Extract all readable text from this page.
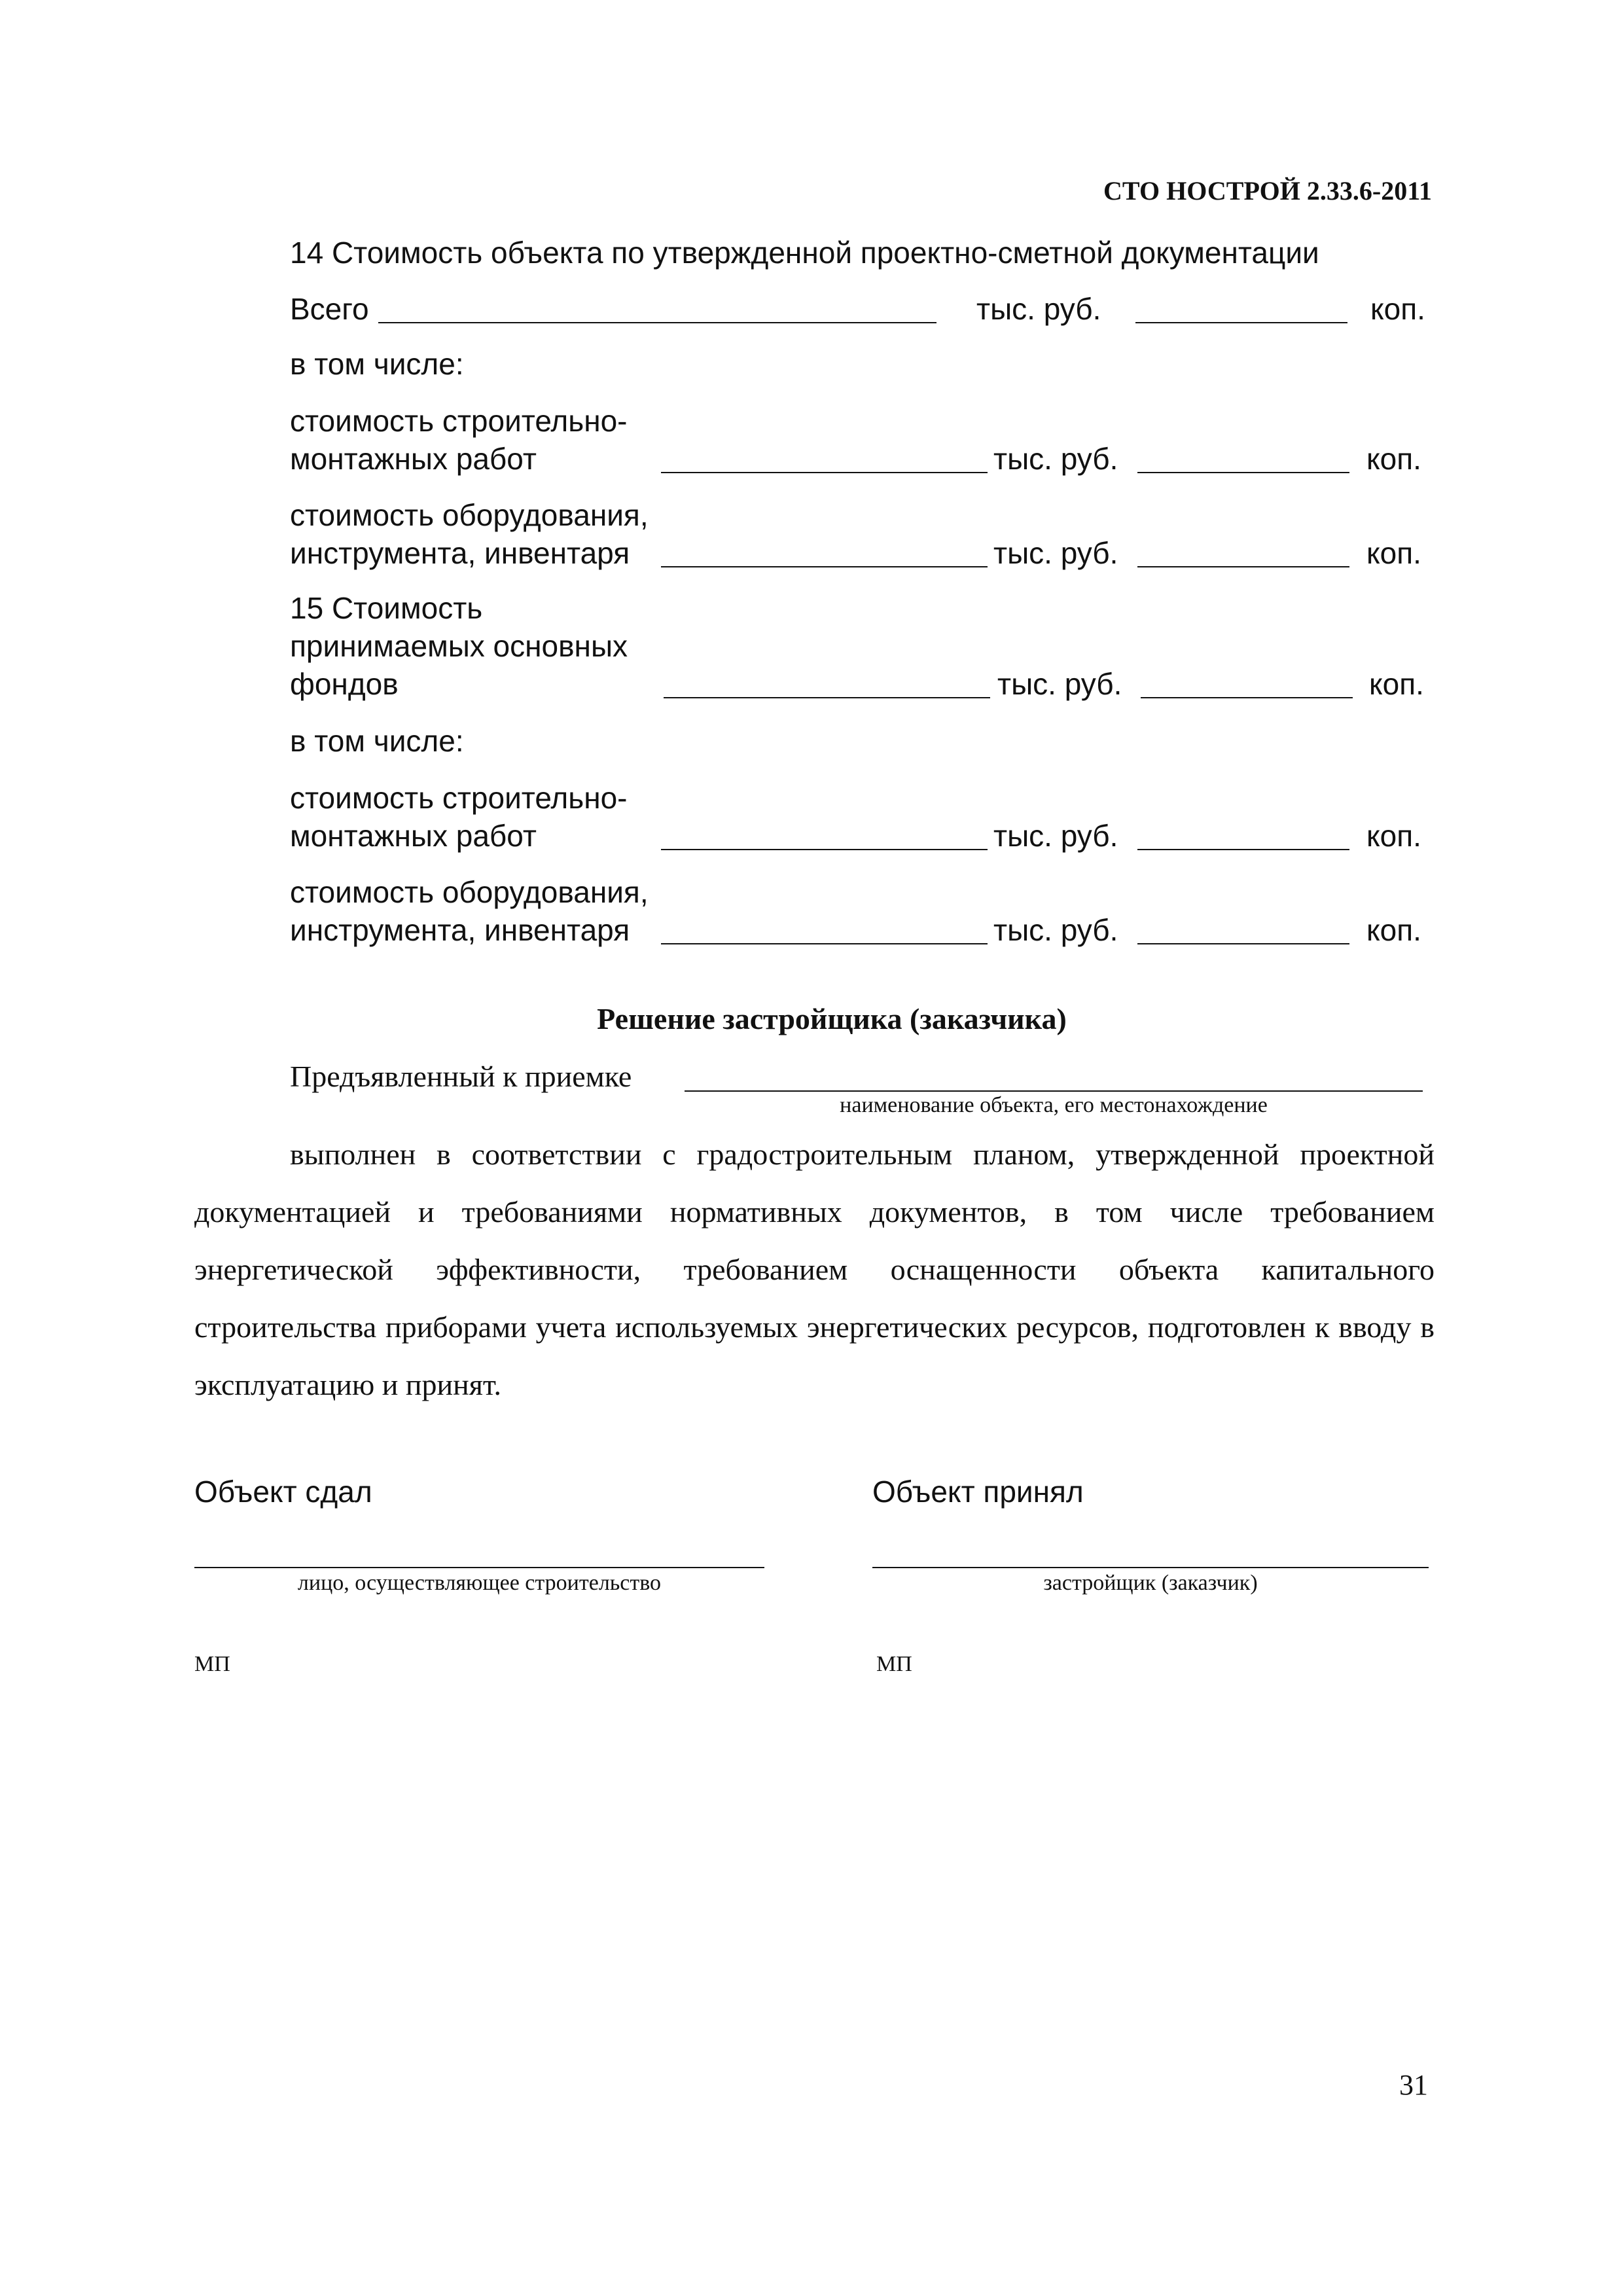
СТО НОСТРОЙ 2.33.6-2011
14 Стоимость объекта по утвержденной проектно-сметной документации
Всего	тыс. руб.	коп.
в том числе:
стоимость строительно-
монтажных работ	тыс. руб.	коп.
стоимость оборудования,
инструмента, инвентаря	тыс. руб.	коп.
15 Стоимость
принимаемых основных
фондов	тыс. руб.	коп.
в том числе:
стоимость строительно-
монтажных работ	тыс. руб.	коп.
стоимость оборудования,
инструмента, инвентаря	тыс. руб.	коп.
Решение застройщика (заказчика)
Предъявленный к приемке
наименование объекта, его местонахождение
выполнен в соответствии с градостроительным планом, утвержденной проектной документацией и требованиями нормативных документов, в том числе требованием энергетической эффективности, требованием оснащенности объекта капитального строительства приборами учета используемых энергетических ресурсов, подготовлен к вводу в эксплуатацию и принят.
Объект сдал	Объект принял
лицо, осуществляющее строительство	застройщик (заказчик)
МП	МП
31
